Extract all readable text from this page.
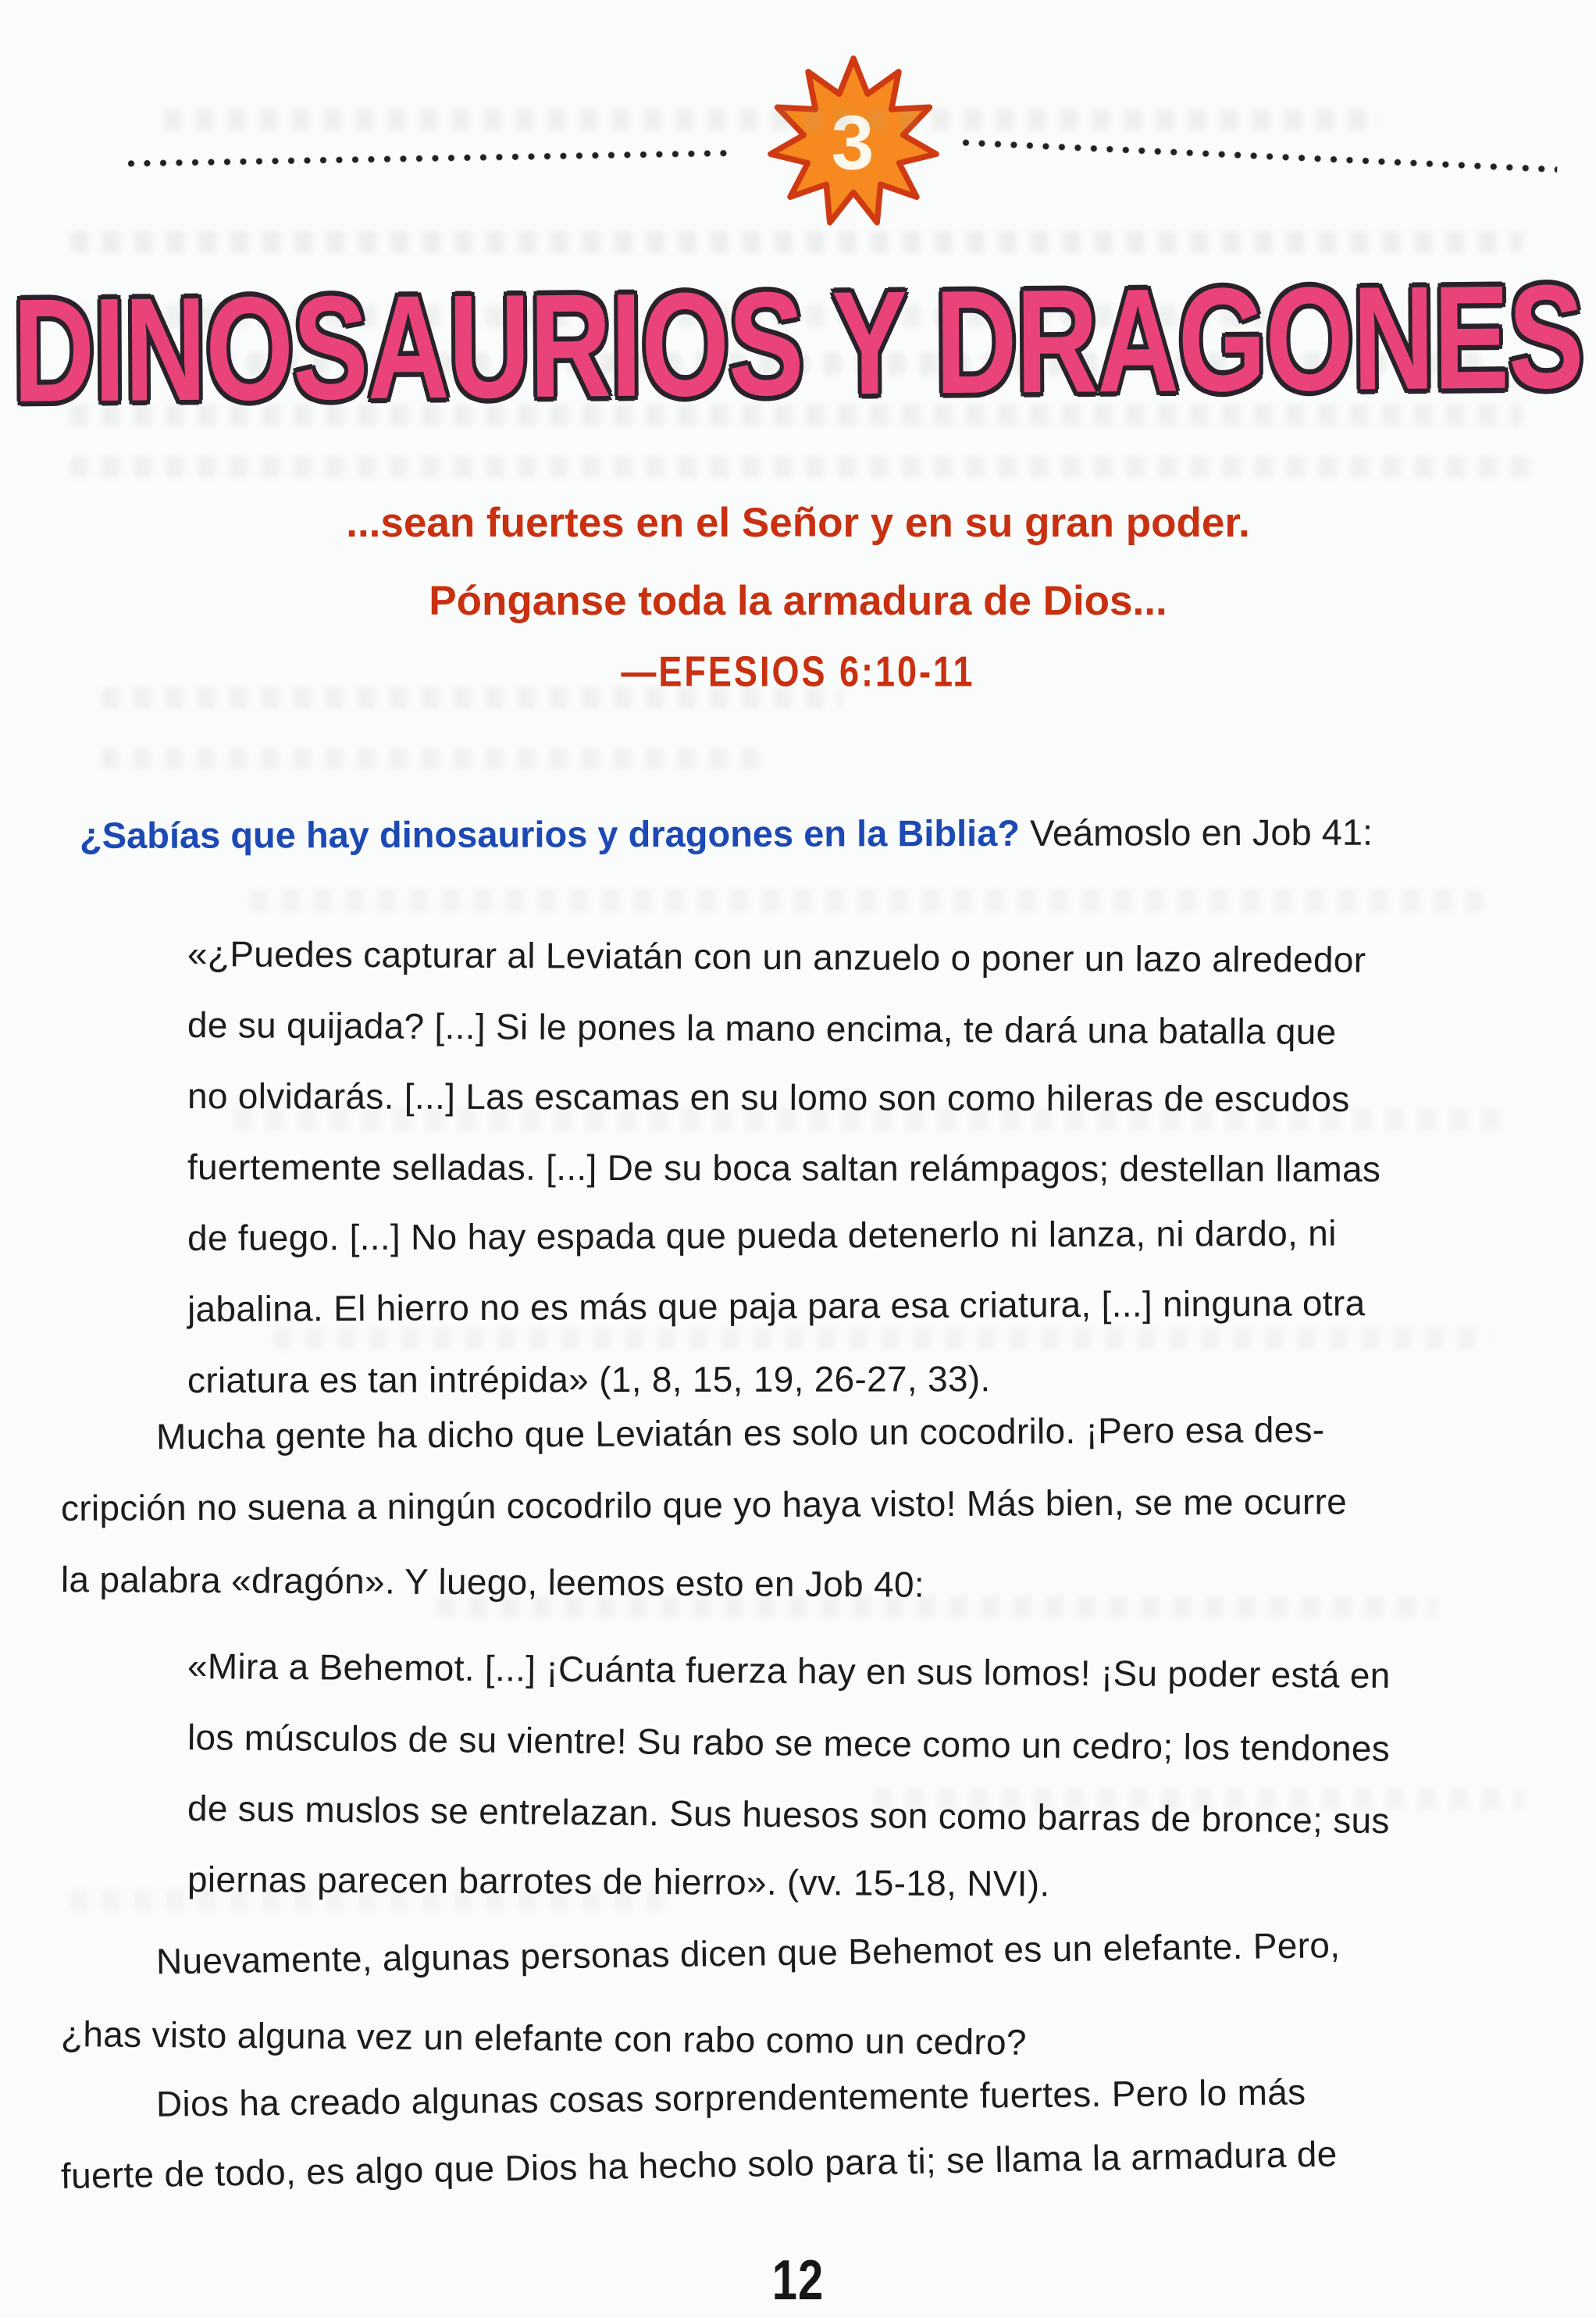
3
DINOSAURIOS Y DRAGONES
...sean fuertes en el Señor y en su gran poder.
Pónganse toda la armadura de Dios...
—EFESIOS 6:10-11
¿Sabías que hay dinosaurios y dragones en la Biblia? Veámoslo en Job 41:
«¿Puedes capturar al Leviatán con un anzuelo o poner un lazo alrededor
de su quijada? [...] Si le pones la mano encima, te dará una batalla que
no olvidarás. [...] Las escamas en su lomo son como hileras de escudos
fuertemente selladas. [...] De su boca saltan relámpagos; destellan llamas
de fuego. [...] No hay espada que pueda detenerlo ni lanza, ni dardo, ni
jabalina. El hierro no es más que paja para esa criatura, [...] ninguna otra
criatura es tan intrépida» (1, 8, 15, 19, 26-27, 33).
Mucha gente ha dicho que Leviatán es solo un cocodrilo. ¡Pero esa des-
cripción no suena a ningún cocodrilo que yo haya visto! Más bien, se me ocurre
la palabra «dragón». Y luego, leemos esto en Job 40:
«Mira a Behemot. [...] ¡Cuánta fuerza hay en sus lomos! ¡Su poder está en
los músculos de su vientre! Su rabo se mece como un cedro; los tendones
de sus muslos se entrelazan. Sus huesos son como barras de bronce; sus
piernas parecen barrotes de hierro». (vv. 15-18, NVI).
Nuevamente, algunas personas dicen que Behemot es un elefante. Pero,
¿has visto alguna vez un elefante con rabo como un cedro?
Dios ha creado algunas cosas sorprendentemente fuertes. Pero lo más
fuerte de todo, es algo que Dios ha hecho solo para ti; se llama la armadura de
12
